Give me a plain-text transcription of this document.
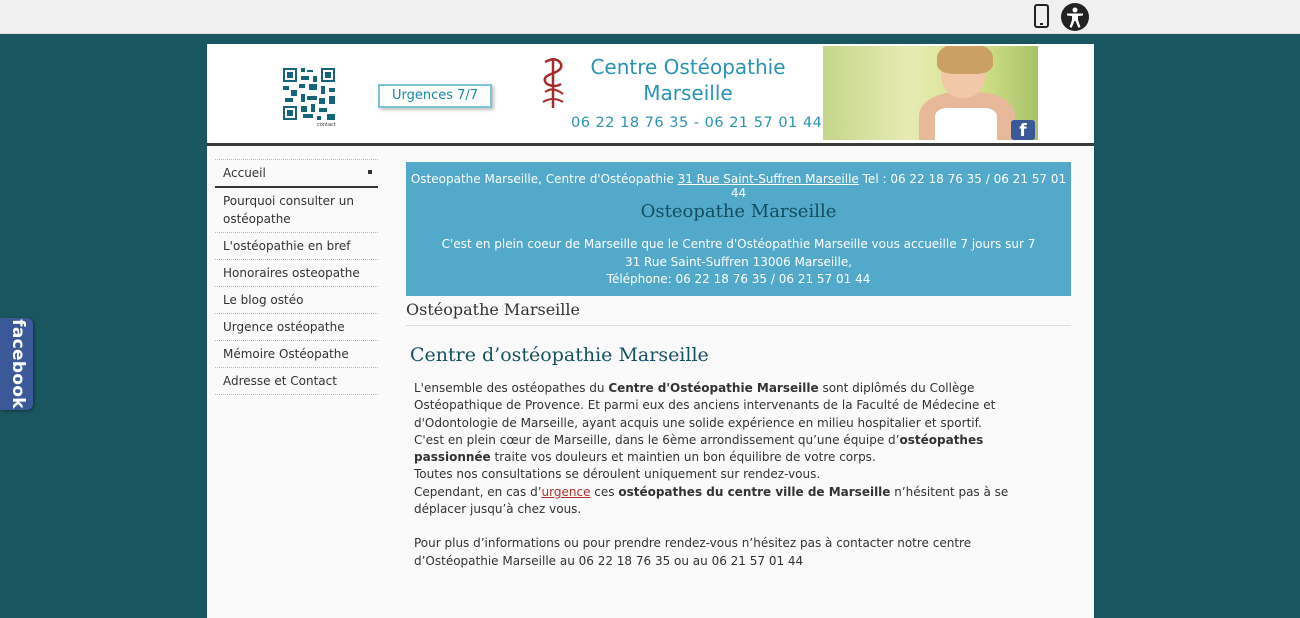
facebook
contact
Urgences 7/7
Centre Ostéopathie
Marseille
06 22 18 76 35 - 06 21 57 01 44	f
Accueil
Pourquoi consulter un ostéopathe
L'ostéopathie en bref
Honoraires osteopathe
Le blog ostéo
Urgence ostéopathe
Mémoire Ostéopathe
Adresse et Contact
Osteopathe Marseille, Centre d'Ostéopathie 31 Rue Saint-Suffren Marseille Tel : 06 22 18 76 35 / 06 21 57 01 44
Osteopathe Marseille
C'est en plein coeur de Marseille que le Centre d'Ostéopathie Marseille vous accueille 7 jours sur 7
31 Rue Saint-Suffren 13006 Marseille,
Téléphone: 06 22 18 76 35 / 06 21 57 01 44
Ostéopathe Marseille
Centre d’ostéopathie Marseille

L'ensemble des ostéopathes du Centre d'Ostéopathie Marseille sont diplômés du Collège Ostéopathique de Provence. Et parmi eux des anciens intervenants de la Faculté de Médecine et d'Odontologie de Marseille, ayant acquis une solide expérience en milieu hospitalier et sportif.

C'est en plein cœur de Marseille, dans le 6ème arrondissement qu’une équipe d’ostéopathes passionnée traite vos douleurs et maintien un bon équilibre de votre corps.

Toutes nos consultations se déroulent uniquement sur rendez-vous.

Cependant, en cas d’urgence ces ostéopathes du centre ville de Marseille n’hésitent pas à se déplacer jusqu’à chez vous.

Pour plus d’informations ou pour prendre rendez-vous n’hésitez pas à contacter notre centre d’Ostéopathie Marseille au 06 22 18 76 35 ou au 06 21 57 01 44
